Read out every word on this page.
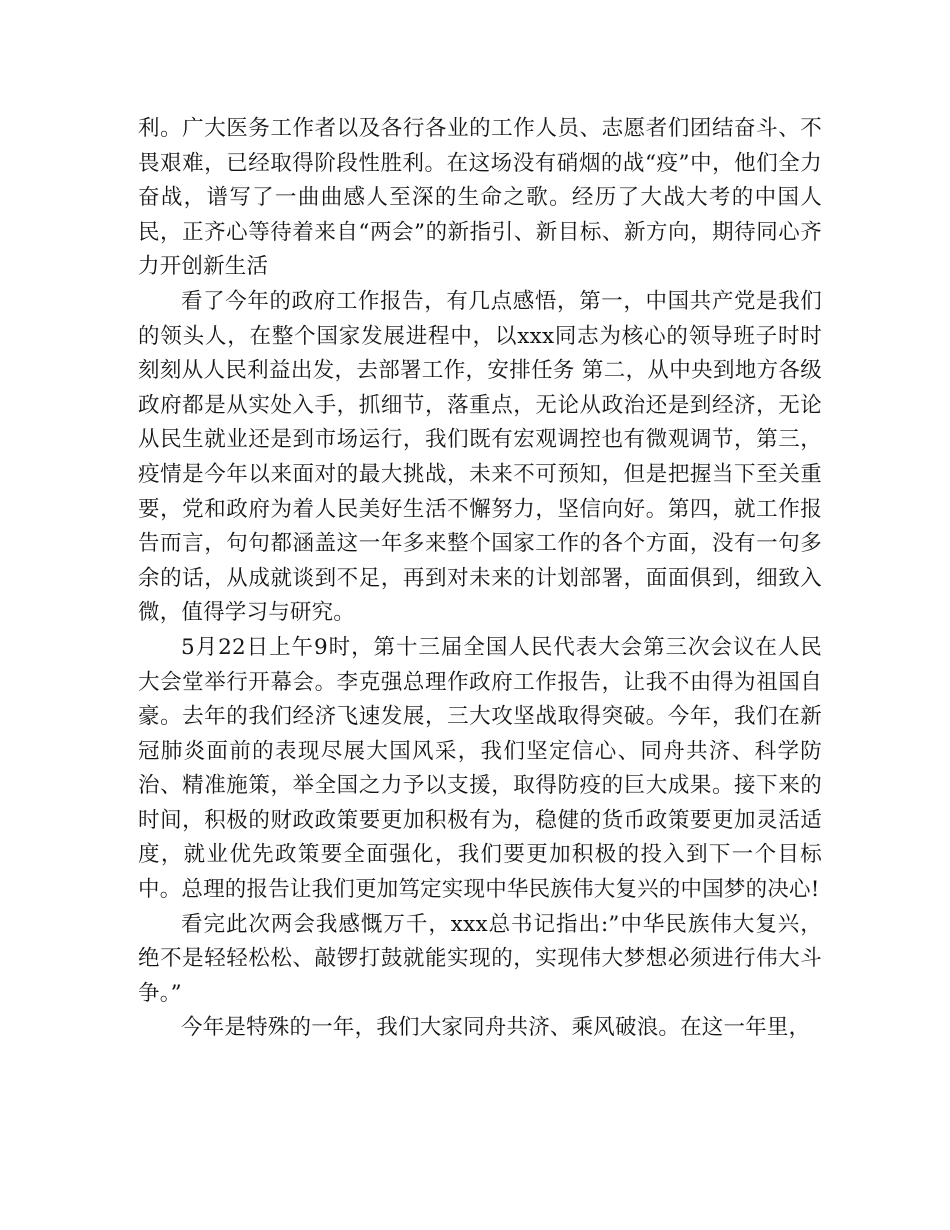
利。广大医务工作者以及各行各业的工作人员、志愿者们团结奋斗、不畏艰难，已经取得阶段性胜利。在这场没有硝烟的战“疫”中，他们全力奋战，谱写了一曲曲感人至深的生命之歌。经历了大战大考的中国人民，正齐心等待着来自“两会”的新指引、新目标、新方向，期待同心齐力开创新生活

看了今年的政府工作报告，有几点感悟，第一，中国共产党是我们的领头人，在整个国家发展进程中，以xxx同志为核心的领导班子时时刻刻从人民利益出发，去部署工作，安排任务 第二，从中央到地方各级政府都是从实处入手，抓细节，落重点，无论从政治还是到经济，无论从民生就业还是到市场运行，我们既有宏观调控也有微观调节，第三，疫情是今年以来面对的最大挑战，未来不可预知，但是把握当下至关重要，党和政府为着人民美好生活不懈努力，坚信向好。第四，就工作报告而言，句句都涵盖这一年多来整个国家工作的各个方面，没有一句多余的话，从成就谈到不足，再到对未来的计划部署，面面俱到，细致入微，值得学习与研究。

5月22日上午9时，第十三届全国人民代表大会第三次会议在人民大会堂举行开幕会。李克强总理作政府工作报告，让我不由得为祖国自豪。去年的我们经济飞速发展，三大攻坚战取得突破。今年，我们在新冠肺炎面前的表现尽展大国风采，我们坚定信心、同舟共济、科学防治、精准施策，举全国之力予以支援，取得防疫的巨大成果。接下来的时间，积极的财政政策要更加积极有为，稳健的货币政策要更加灵活适度，就业优先政策要全面强化，我们要更加积极的投入到下一个目标中。总理的报告让我们更加笃定实现中华民族伟大复兴的中国梦的决心!

看完此次两会我感慨万千，xxx总书记指出:”中华民族伟大复兴，绝不是轻轻松松、敲锣打鼓就能实现的，实现伟大梦想必须进行伟大斗争。”

今年是特殊的一年，我们大家同舟共济、乘风破浪。在这一年里，
